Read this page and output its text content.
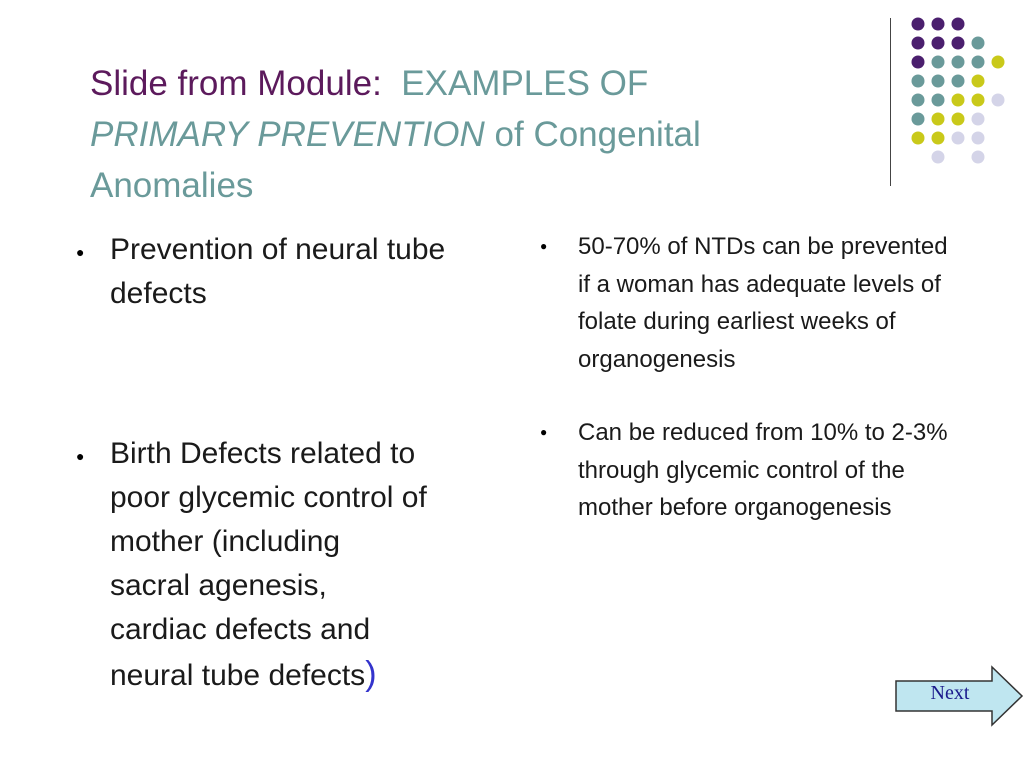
Slide from Module: EXAMPLES OF
PRIMARY PREVENTION of Congenital
Anomalies
● Prevention of neural tube defects
● Birth Defects related to
poor glycemic control of
mother (including
sacral agenesis,
cardiac defects and
neural tube defects)
● 50-70% of NTDs can be prevented if a woman has adequate levels of folate during earliest weeks of organogenesis
● Can be reduced from 10% to 2-3% through glycemic control of the mother before organogenesis
Next
